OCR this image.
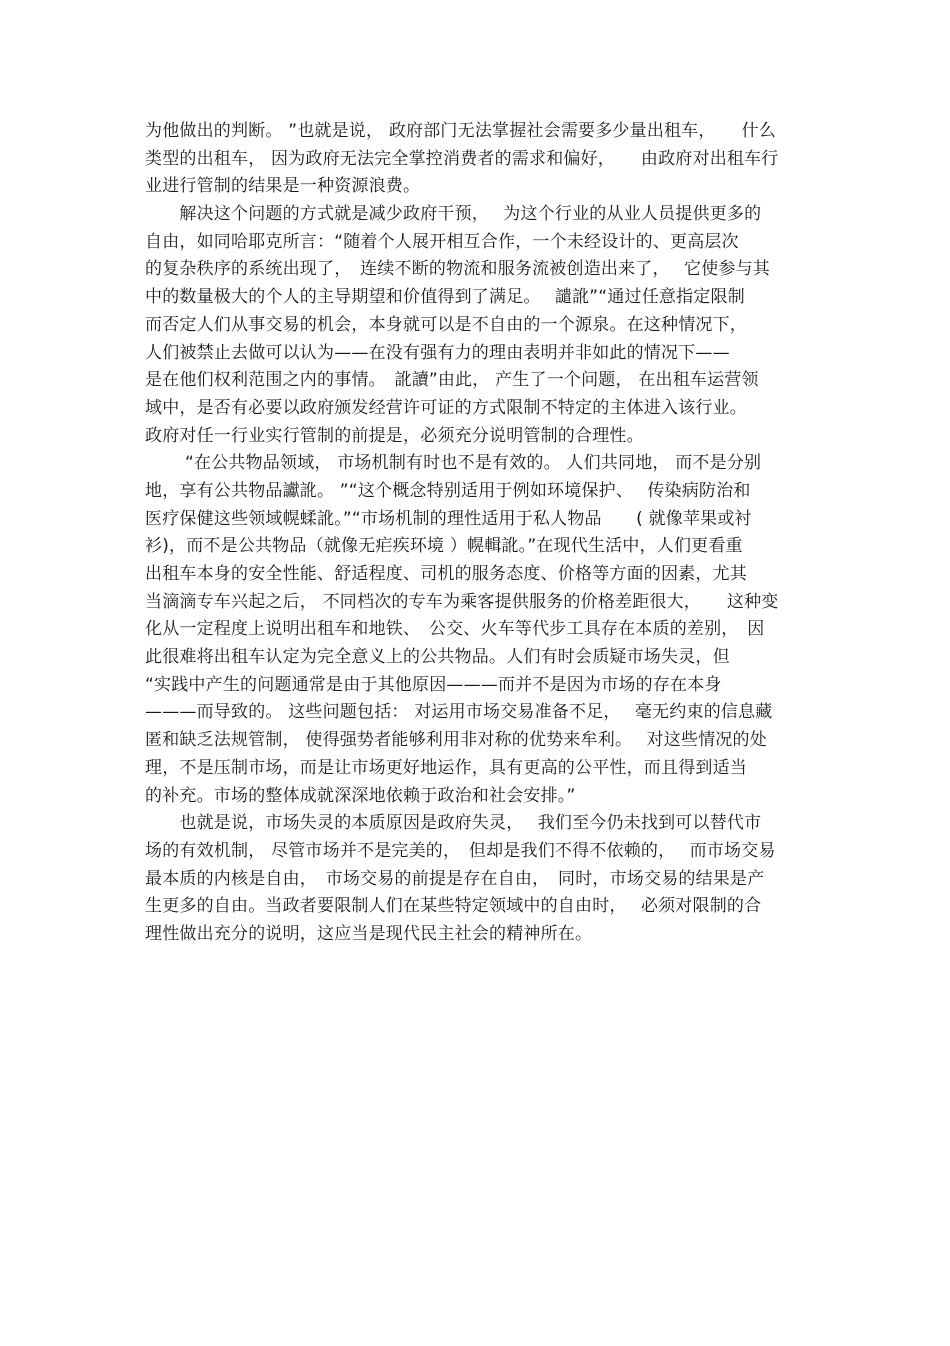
为他做出的判断。 ”也就是说， 政府部门无法掌握社会需要多少量出租车，　　什么
类型的出租车， 因为政府无法完全掌控消费者的需求和偏好，　　由政府对出租车行
业进行管制的结果是一种资源浪费。
　　解决这个问题的方式就是减少政府干预，　 为这个行业的从业人员提供更多的
自由，如同哈耶克所言：“随着个人展开相互合作，一个未经设计的、更高层次
的复杂秩序的系统出现了，　连续不断的物流和服务流被创造出来了，　 它使参与其
中的数量极大的个人的主导期望和价值得到了满足。　 譴訛”“通过任意指定限制
而否定人们从事交易的机会，本身就可以是不自由的一个源泉。在这种情况下，
人们被禁止去做可以认为——在没有强有力的理由表明并非如此的情况下——
是在他们权利范围之内的事情。　訛讀”由此， 产生了一个问题， 在出租车运营领
域中，是否有必要以政府颁发经营许可证的方式限制不特定的主体进入该行业。
政府对任一行业实行管制的前提是，必须充分说明管制的合理性。
　　 “在公共物品领域， 市场机制有时也不是有效的。 人们共同地， 而不是分别
地，享有公共物品讞訛。 ”“这个概念特别适用于例如环境保护、　 传染病防治和
医疗保健这些领域幌蝚訛。”“市场机制的理性适用于私人物品　　( 就像苹果或衬
衫)，而不是公共物品（就像无疟疾环境 ）幌輯訛。”在现代生活中，人们更看重
出租车本身的安全性能、舒适程度、司机的服务态度、价格等方面的因素，尤其
当滴滴专车兴起之后， 不同档次的专车为乘客提供服务的价格差距很大，　　这种变
化从一定程度上说明出租车和地铁、　公交、火车等代步工具存在本质的差别，　因
此很难将出租车认定为完全意义上的公共物品。人们有时会质疑市场失灵，但
“实践中产生的问题通常是由于其他原因———而并不是因为市场的存在本身
———而导致的。 这些问题包括： 对运用市场交易准备不足，　 毫无约束的信息藏
匿和缺乏法规管制， 使得强势者能够利用非对称的优势来牟利。　 对这些情况的处
理，不是压制市场，而是让市场更好地运作，具有更高的公平性，而且得到适当
的补充。市场的整体成就深深地依赖于政治和社会安排。”
　　也就是说，市场失灵的本质原因是政府失灵，　 我们至今仍未找到可以替代市
场的有效机制， 尽管市场并不是完美的，　但却是我们不得不依赖的，　 而市场交易
最本质的内核是自由，　市场交易的前提是存在自由，　同时，市场交易的结果是产
生更多的自由。当政者要限制人们在某些特定领域中的自由时，　 必须对限制的合
理性做出充分的说明，这应当是现代民主社会的精神所在。
